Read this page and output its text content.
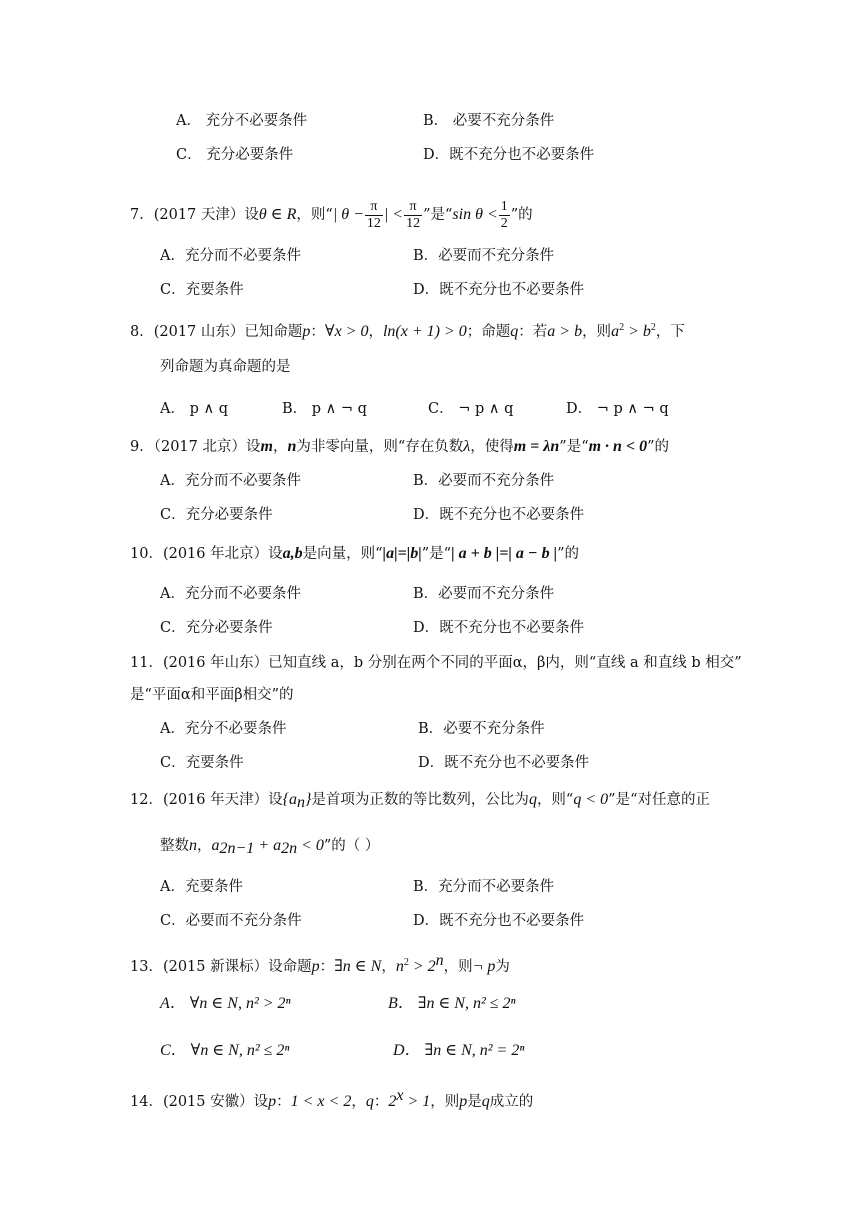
A． 充分不必要条件	B． 必要不充分条件
C． 充分必要条件	D．既不充分也不必要条件
7．(2017 天津）设θ ∈ R，则“| $\theta - \frac{\pi}{12}$ | < $\frac{\pi}{12}$ ”是“sin $\theta < \frac{1}{2}$ ”的
A．充分而不必要条件	B．必要而不充分条件
C．充要条件	D．既不充分也不必要条件
8．(2017 山东）已知命题p：∀x > 0，ln(x + 1) > 0；命题q：若a > b，则$a^2 > b^2$，下
列命题为真命题的是
A． p ∧ q	B． p ∧ ¬ q	C． ¬ p ∧ q	D． ¬ p ∧ ¬ q
9．（2017 北京）设m，n为非零向量，则“存在负数λ，使得m = λn”是“m · n < 0”的
A．充分而不必要条件	B．必要而不充分条件
C．充分必要条件	D．既不充分也不必要条件
10．(2016 年北京）设a,b是向量，则“|a|=|b|”是“| a + b |=| a − b |”的
A．充分而不必要条件	B．必要而不充分条件
C．充分必要条件	D．既不充分也不必要条件
11．(2016 年山东）已知直线 a，b 分别在两个不同的平面α，β内，则“直线 a 和直线 b 相交”
是“平面α和平面β相交”的
A．充分不必要条件	B．必要不充分条件
C．充要条件	D．既不充分也不必要条件
12．(2016 年天津）设$\{a_n\}$是首项为正数的等比数列，公比为q，则“q < 0”是“对任意的正
整数n，$a_{2n-1} + a_{2n} < 0$”的（ ）
A．充要条件	B．充分而不必要条件
C．必要而不充分条件	D．既不充分也不必要条件
13．(2015 新课标）设命题p：∃n ∈ N，$n^2 > 2^n$，则¬ p为
A． ∀n ∈ N, n² > 2ⁿ	B． ∃n ∈ N, n² ≤ 2ⁿ
C． ∀n ∈ N, n² ≤ 2ⁿ	D． ∃n ∈ N, n² = 2ⁿ
14．(2015 安徽）设p：1 < x < 2，q：$2^x > 1$，则p是q成立的
